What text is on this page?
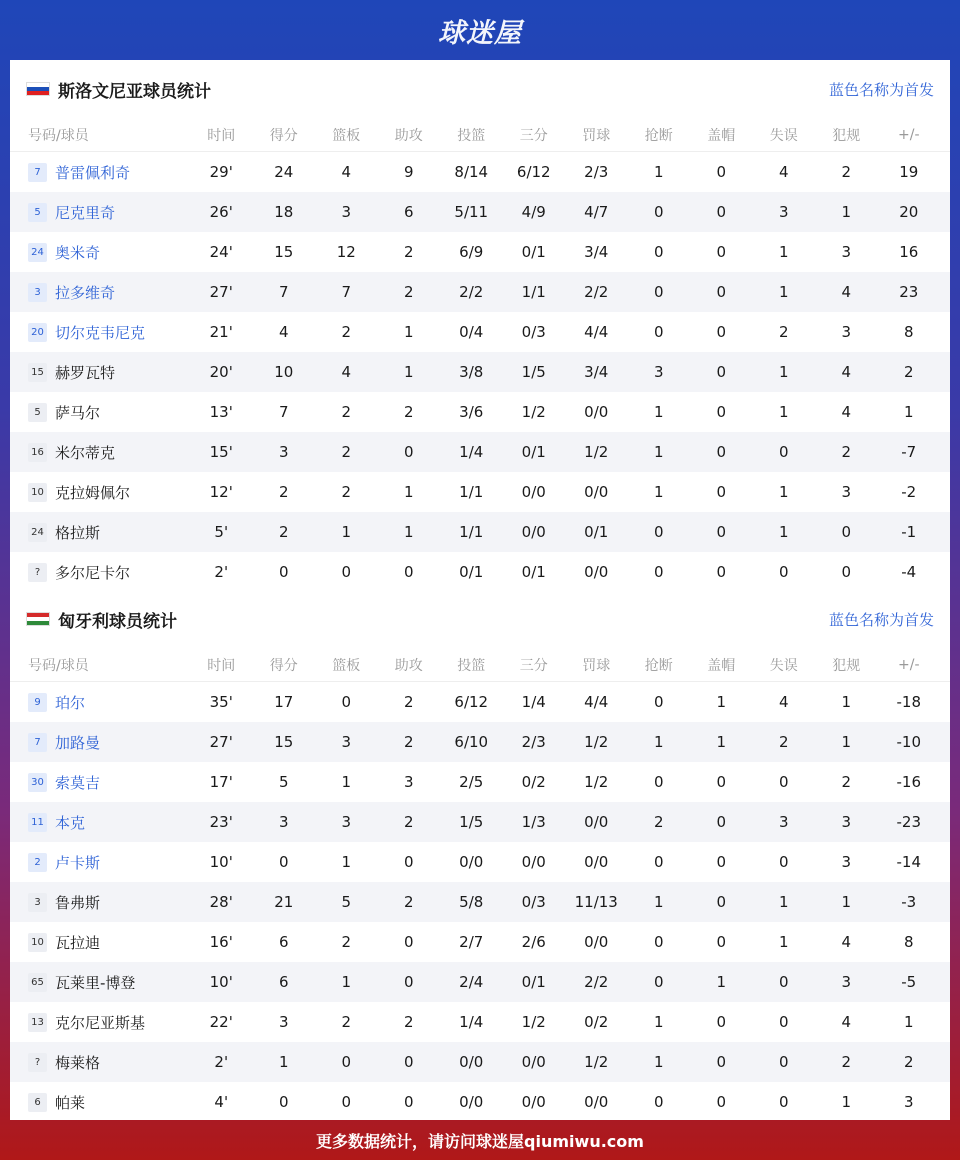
球迷屋
斯洛文尼亚球员统计	蓝色名称为首发
号码/球员	时间	得分	篮板	助攻	投篮	三分	罚球	抢断	盖帽	失误	犯规	+/-
7 普雷佩利奇	29'	24	4	9	8/14	6/12	2/3	1	0	4	2	19
5 尼克里奇	26'	18	3	6	5/11	4/9	4/7	0	0	3	1	20
24 奥米奇	24'	15	12	2	6/9	0/1	3/4	0	0	1	3	16
3 拉多维奇	27'	7	7	2	2/2	1/1	2/2	0	0	1	4	23
20 切尔克韦尼克	21'	4	2	1	0/4	0/3	4/4	0	0	2	3	8
15 赫罗瓦特	20'	10	4	1	3/8	1/5	3/4	3	0	1	4	2
5 萨马尔	13'	7	2	2	3/6	1/2	0/0	1	0	1	4	1
16 米尔蒂克	15'	3	2	0	1/4	0/1	1/2	1	0	0	2	-7
10 克拉姆佩尔	12'	2	2	1	1/1	0/0	0/0	1	0	1	3	-2
24 格拉斯	5'	2	1	1	1/1	0/0	0/1	0	0	1	0	-1
? 多尔尼卡尔	2'	0	0	0	0/1	0/1	0/0	0	0	0	0	-4
匈牙利球员统计	蓝色名称为首发
号码/球员	时间	得分	篮板	助攻	投篮	三分	罚球	抢断	盖帽	失误	犯规	+/-
9 珀尔	35'	17	0	2	6/12	1/4	4/4	0	1	4	1	-18
7 加路曼	27'	15	3	2	6/10	2/3	1/2	1	1	2	1	-10
30 索莫吉	17'	5	1	3	2/5	0/2	1/2	0	0	0	2	-16
11 本克	23'	3	3	2	1/5	1/3	0/0	2	0	3	3	-23
2 卢卡斯	10'	0	1	0	0/0	0/0	0/0	0	0	0	3	-14
3 鲁弗斯	28'	21	5	2	5/8	0/3	11/13	1	0	1	1	-3
10 瓦拉迪	16'	6	2	0	2/7	2/6	0/0	0	0	1	4	8
65 瓦莱里-博登	10'	6	1	0	2/4	0/1	2/2	0	1	0	3	-5
13 克尔尼亚斯基	22'	3	2	2	1/4	1/2	0/2	1	0	0	4	1
? 梅莱格	2'	1	0	0	0/0	0/0	1/2	1	0	0	2	2
6 帕莱	4'	0	0	0	0/0	0/0	0/0	0	0	0	1	3
更多数据统计，请访问球迷屋qiumiwu.com
